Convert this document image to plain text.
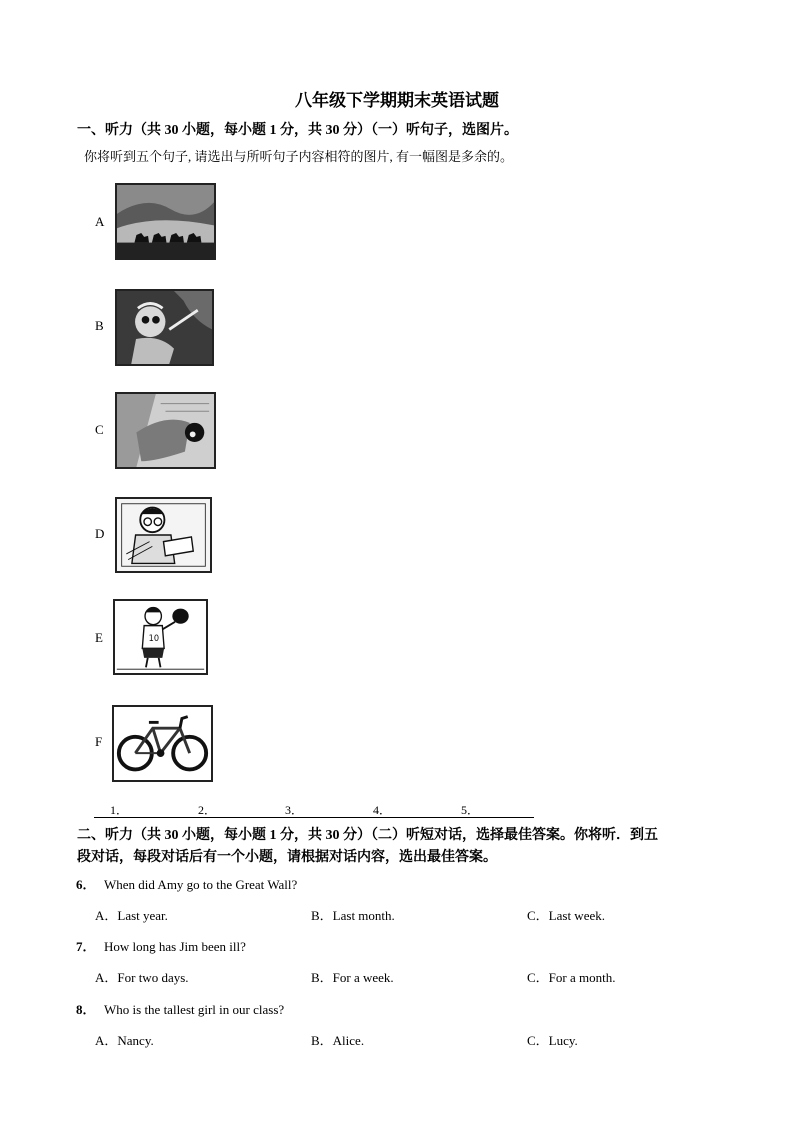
八年级下学期期末英语试题
一、听力（共 30 小题，每小题 1 分，共 30 分）（一）听句子，选图片。
你将听到五个句子, 请选出与所听句子内容相符的图片, 有一幅图是多余的。
A
B
C
D
E	10
F
1．	2．	3．	4．	5．
二、听力（共 30 小题，每小题 1 分，共 30 分）（二）听短对话，选择最佳答案。你将听．到五
段对话，每段对话后有一个小题，请根据对话内容，选出最佳答案。
6． When did Amy go to the Great Wall?
A．Last year.	B．Last month.	C．Last week.
7． How long has Jim been ill?
A．For two days.	B．For a week.	C．For a month.
8． Who is the tallest girl in our class?
A．Nancy.	B．Alice.	C．Lucy.
